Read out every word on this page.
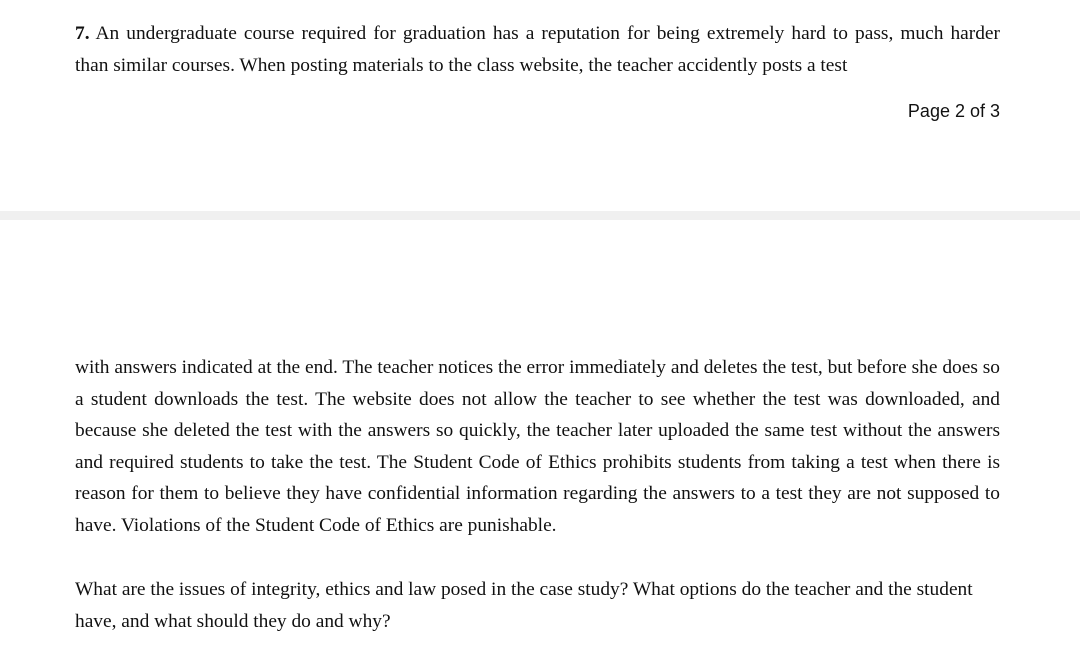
7. An undergraduate course required for graduation has a reputation for being extremely hard to pass, much harder than similar courses. When posting materials to the class website, the teacher accidently posts a test

Page 2 of 3

with answers indicated at the end. The teacher notices the error immediately and deletes the test, but before she does so a student downloads the test. The website does not allow the teacher to see whether the test was downloaded, and because she deleted the test with the answers so quickly, the teacher later uploaded the same test without the answers and required students to take the test. The Student Code of Ethics prohibits students from taking a test when there is reason for them to believe they have confidential information regarding the answers to a test they are not supposed to have. Violations of the Student Code of Ethics are punishable.

What are the issues of integrity, ethics and law posed in the case study? What options do the teacher and the student have, and what should they do and why?
